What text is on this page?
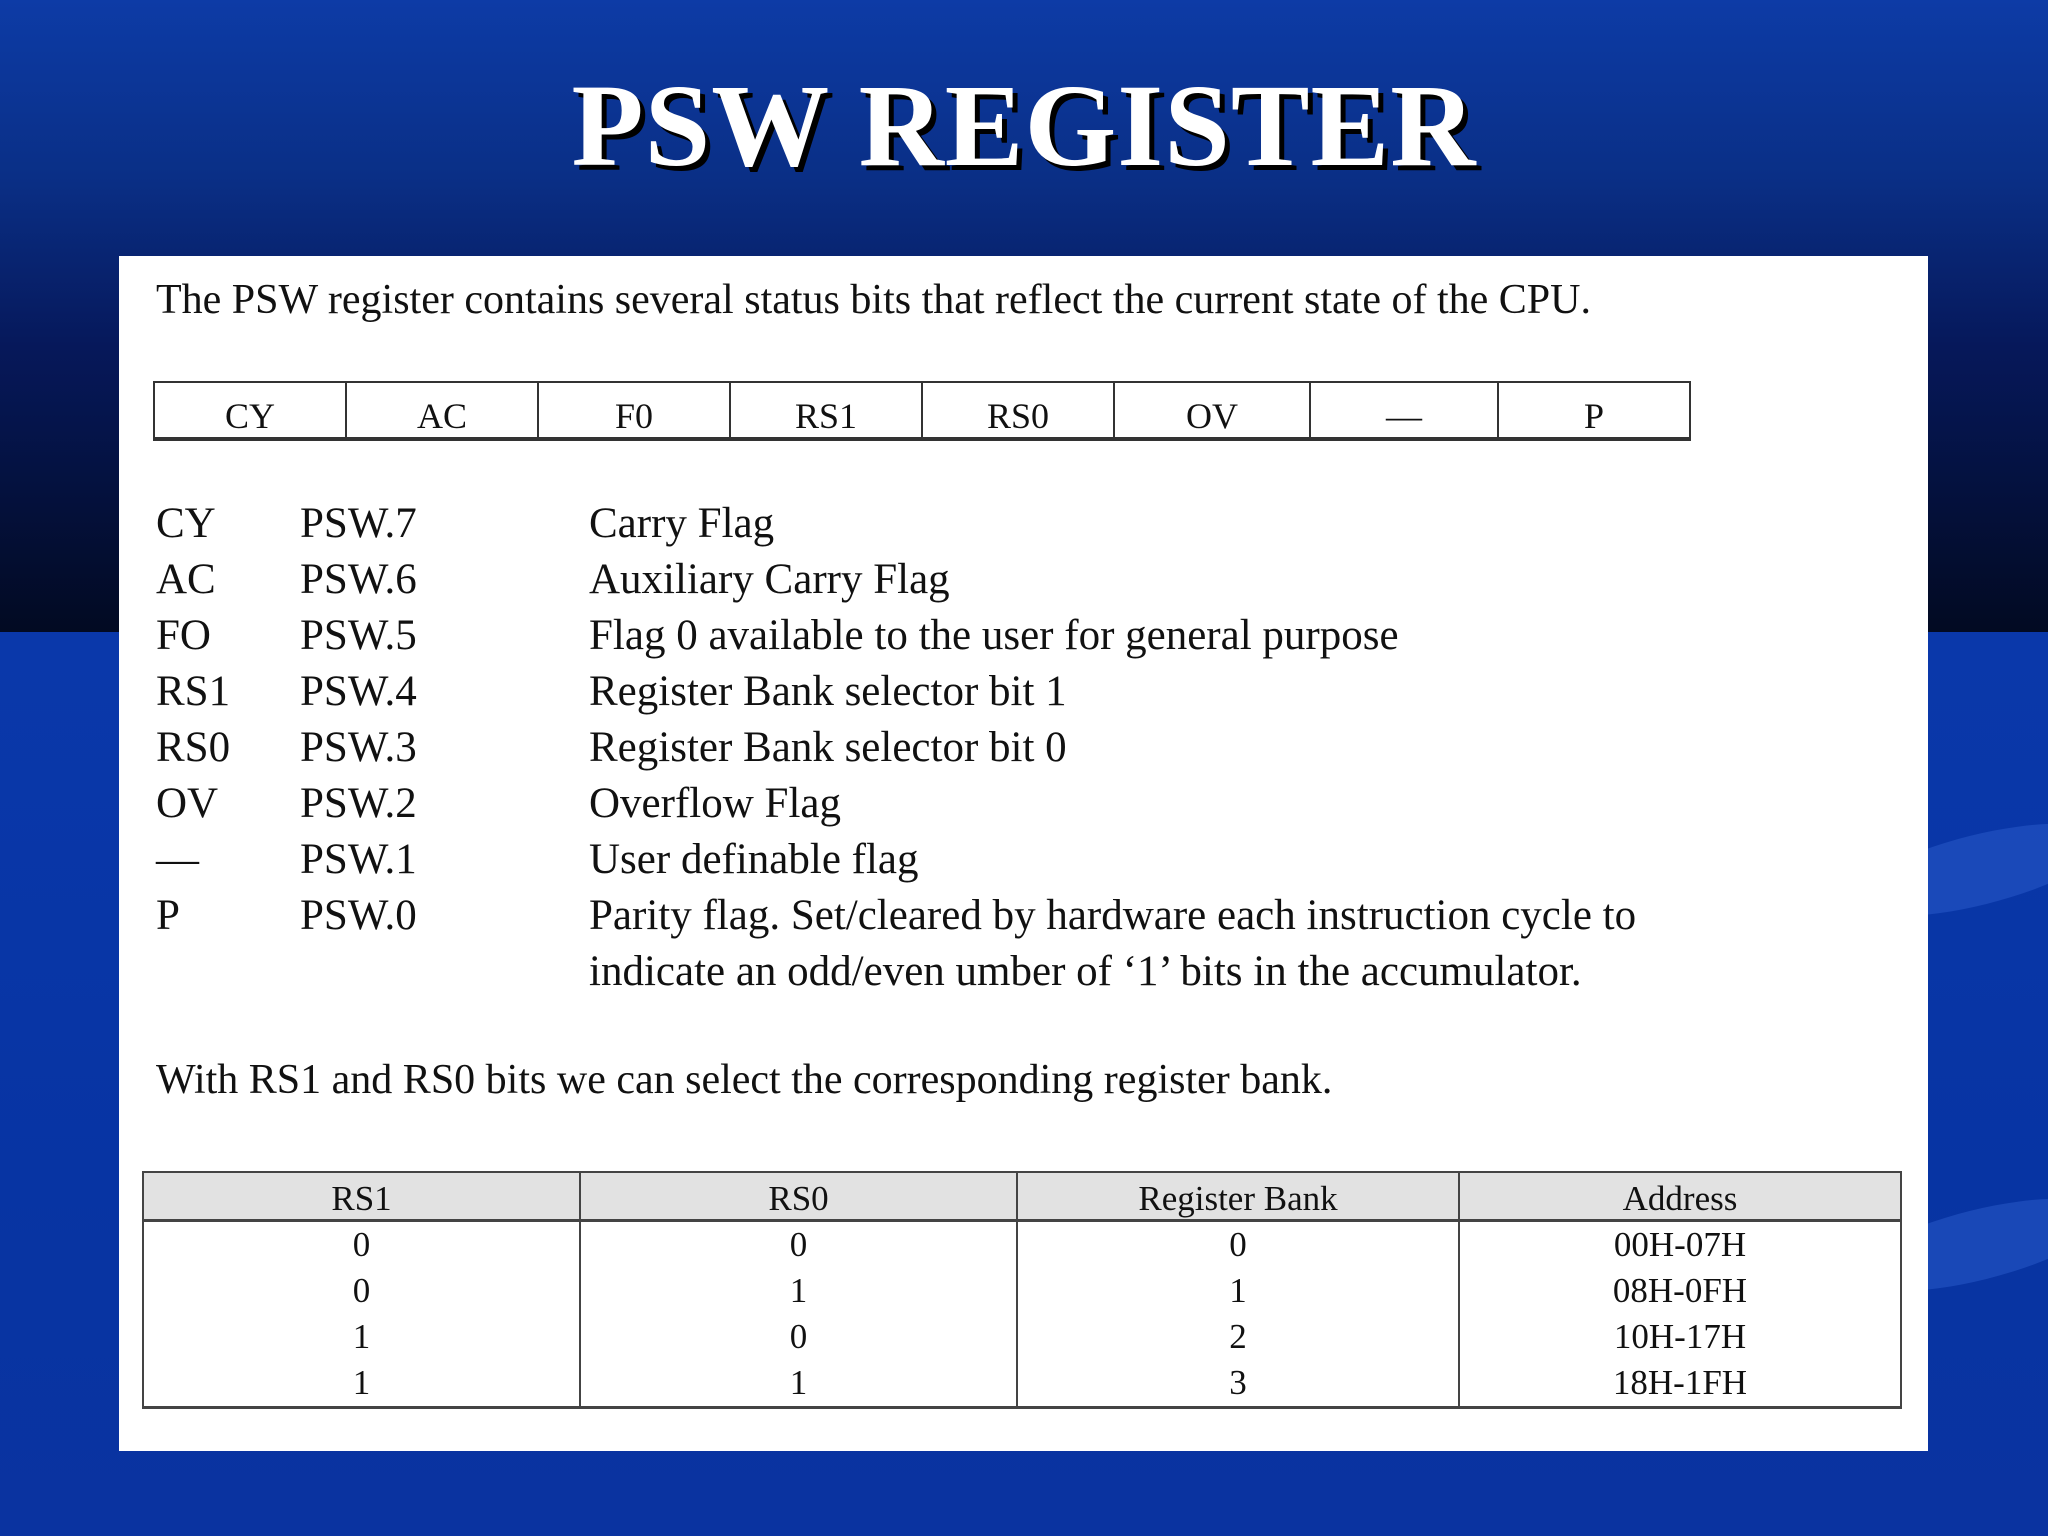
PSW REGISTER
The PSW register contains several status bits that reflect the current state of the CPU.
CY	AC	F0	RS1	RS0	OV	—	P
CY PSW.7	Carry Flag
AC PSW.6	Auxiliary Carry Flag
FO PSW.5	Flag 0 available to the user for general purpose
RS1 PSW.4	Register Bank selector bit 1
RS0 PSW.3	Register Bank selector bit 0
OV PSW.2	Overflow Flag
— PSW.1	User definable flag
P	PSW.0	Parity flag. Set/cleared by hardware each instruction cycle to
indicate an odd/even umber of ‘1’ bits in the accumulator.
With RS1 and RS0 bits we can select the corresponding register bank.
RS1	RS0	Register Bank	Address
0	0	0	00H-07H
0	1	1	08H-0FH
1	0	2	10H-17H
1	1	3	18H-1FH
